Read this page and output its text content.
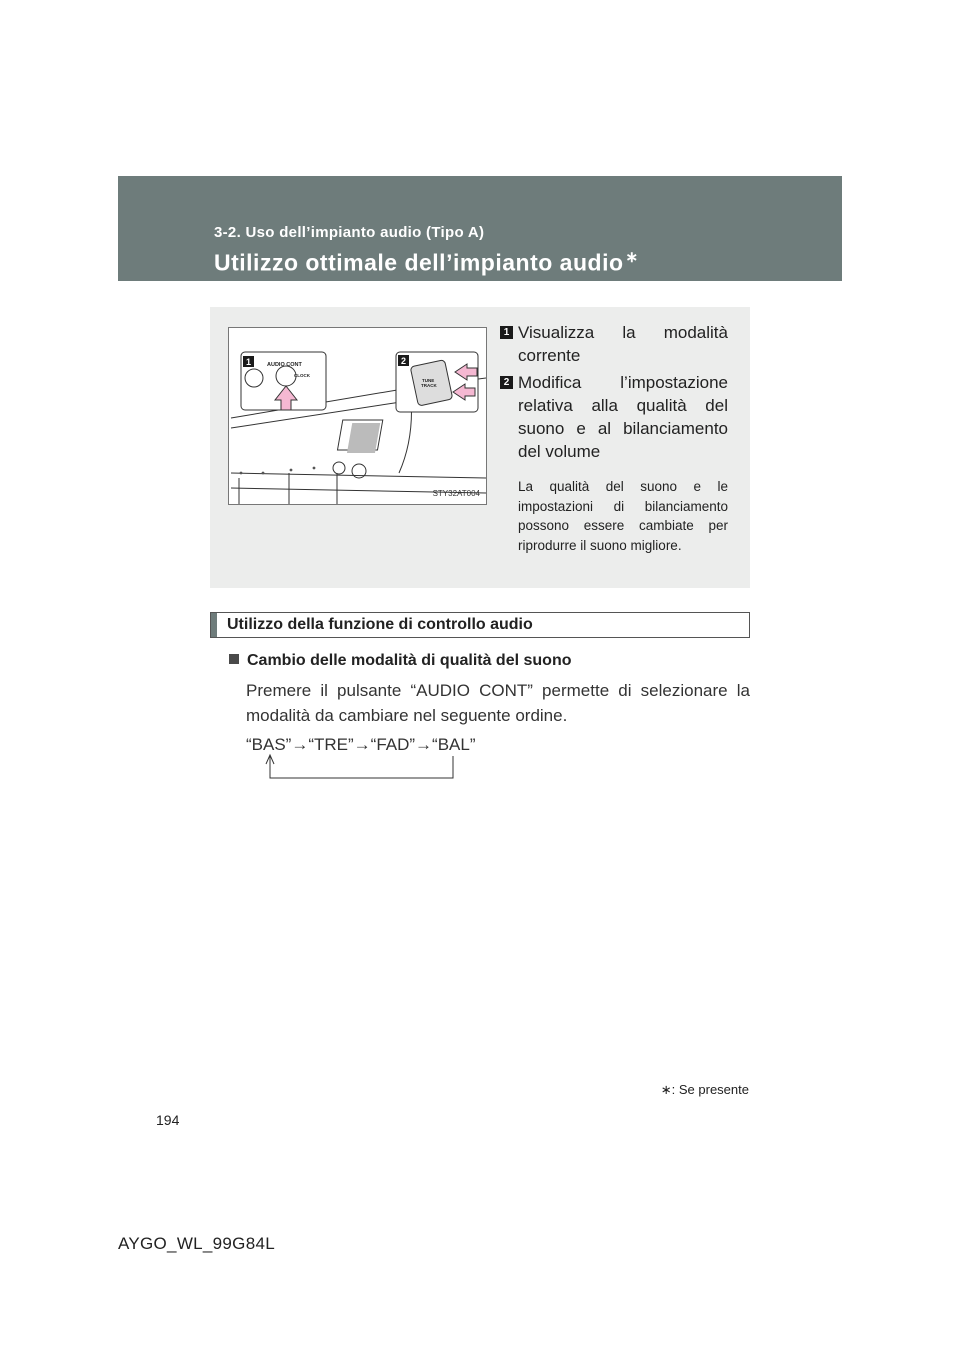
3-2. Uso dell’impianto audio (Tipo A)
Utilizzo ottimale dell’impianto audio ∗
AUDIO CONT
CLOCK
1
TUNE
TRACK
2
STY32AT004
1 Visualizza la modalità corrente
2 Modifica l’impostazione relativa alla qualità del suono e al bilanciamento del volume
La qualità del suono e le impostazioni di bilanciamento possono essere cambiate per riprodurre il suono migliore.
Utilizzo della funzione di controllo audio
Cambio delle modalità di qualità del suono
Premere il pulsante “AUDIO CONT” permette di selezionare la modalità da cambiare nel seguente ordine.
“BAS”→“TRE”→“FAD”→“BAL”
∗: Se presente
194
AYGO_WL_99G84L
